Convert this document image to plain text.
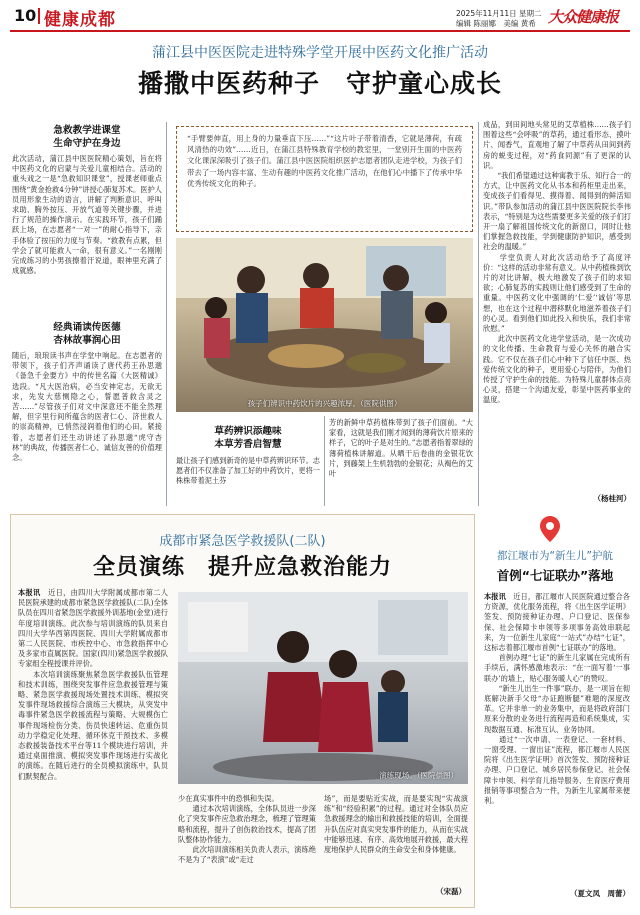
10 健康成都	2025年11月11日 星期二
编辑 陈丽娜　美编 黄希 大众健康报
蒲江县中医医院走进特殊学堂开展中医药文化推广活动
播撒中医药种子　守护童心成长
急救教学进课堂
生命守护在身边
此次活动，蒲江县中医医院精心策划，旨在将中医药文化的启蒙与关爱儿童相结合。活动的重头戏之一是“急救知识课堂”，授课老师重点围绕“黄金抢救4分钟”讲授心肺复苏术。医护人员用形象生动的语言，讲解了判断意识、呼叫求助、胸外按压、开放气道等关键步骤，并进行了规范的操作演示。在实践环节，孩子们踊跃上场，在志愿者“一对一”的耐心指导下，亲手体验了按压的力度与节奏。“救教有点累，但学会了就可能救人一命，很有意义。”一名刚刚完成练习的小男孩擦着汗说道，眼神里充满了成就感。
经典诵读传医德
杏林故事润心田
随后，琅琅读书声在学堂中响起。在志愿者的带领下，孩子们齐声诵读了唐代药王孙思邈《备急千金要方》中的传世名篇《大医精诚》选段。“凡大医治病，必当安神定志，无欲无求，先发大慈恻隐之心，誓愿普救含灵之苦……”尽管孩子们对文中深意还不能全然理解，但字里行间所蕴含的医者仁心、济世救人的崇高精神，已悄然浸润着他们的心田。紧接着，志愿者们还生动讲述了孙思邈“虎守杏林”的典故，传播医者仁心、诚信友善的价值理念。
“手臂要伸直，用上身的力量垂直下压……”“这片叶子带着清香，它就是薄荷，有疏风清热的功效”……近日，在蒲江县特殊教育学校的教室里，一堂别开生面的中医药文化课深深吸引了孩子们。蒲江县中医医院组织医护志愿者团队走进学校，为孩子们带去了一场内容丰富、生动有趣的中医药文化推广活动，在他们心中播下了传承中华优秀传统文化的种子。
孩子们辨识中药饮片的兴趣浓厚。（医院供图）
草药辨识添趣味
本草芳香启智慧
最让孩子们感到新奇的是中草药辨识环节。志愿者们不仅准备了加工好的中药饮片，更将一株株带着泥土芬
芳的新鲜中草药植株带到了孩子们面前。“大家看，这就是我们刚才闻到的薄荷饮片原来的样子，它的叶子是对生的。”志愿者指着翠绿的薄荷植株讲解道。从晒干后卷曲的金银花饮片，到藤架上生机勃勃的金银花；从褐色的艾叶
成品，到田间地头常见的艾草植株……孩子们围着这些“会呼吸”的草药，通过看形态、摸叶片、闻香气，直观地了解了中草药从田间到药房的蜕变过程，对“药食同源”有了更深的认识。
　　“我们希望通过这种寓教于乐、知行合一的方式，让中医药文化从书本和药柜里走出来，变成孩子们看得见、摸得着、闻得到的鲜活知识。”带队参加活动的蒲江县中医医院院长李伟表示，“特别是为这些需要更多关爱的孩子们打开一扇了解祖国传统文化的新窗口，同时让他们掌握急救技能，学到健康防护知识，感受到社会的温暖。”
　　学堂负责人对此次活动给予了高度评价：“这样的活动非常有意义。从中药植株到饮片的对比讲解，极大地激发了孩子们的求知欲；心肺复苏的实践则让他们感受到了生命的重量。中医药文化中强调的‘仁爱’‘诚信’等思想，也在这个过程中潜移默化地滋养着孩子们的心灵。看到他们如此投入和快乐，我们非常欣慰。”
　　此次中医药文化进学堂活动，是一次成功的文化传播、生命教育与爱心关怀的融合实践。它不仅在孩子们心中种下了信任中医、热爱传统文化的种子，更用爱心与陪伴，为他们传授了守护生命的技能。为特殊儿童群体点亮心灵，搭建一个沟通友爱，彰显中医药事业的温度。
（杨桂河）
成都市紧急医学救援队(二队)
全员演练　提升应急救治能力
本报讯　 近日，由四川大学附属成都市第二人民医院承建的成都市紧急医学救援队(二队)全体队员在四川省紧急医学救援外训基地(金堂)进行年度培训演练。此次参与培训演练的队员来自四川大学华西第四医院、四川大学附属成都市第二人民医院、市疾控中心、市急救指挥中心及多家市直属医院。国家(四川)紧急医学救援队专家组全程授课并评价。
　　本次培训演练聚焦紧急医学救援队伍管理和技术训练，围绕突发事件应急救援管理与策略、紧急医学救援现场处置技术训练、模拟突发事件现场救援综合演练三大模块，从突发中毒事件紧急医学救援流程与策略、大规模伤亡事件现场检伤分类、伤员快速转运、危重伤员动力学稳定化处理、循环休克干预技术、多模态救援装备技术平台等11个模块进行培训，并通过桌面推演、模拟突发事件现场进行实战化的演练。在随后进行的全员模拟演练中，队员们默契配合。	演练现场。（医院供图）
少在真实事件中的恐惧和失误。
　　通过本次培训演练，全体队员进一步深化了突发事件应急救治理念，梳理了管理策略和流程，提升了创伤救治技术，提高了团队整体协作能力。
　　此次培训演练相关负责人表示，演练绝不是为了“表演”或“走过
场”，而是要贴近实战，而是要实现“实战演练”和“经验积累”的过程。通过对全体队员应急救援理念的输出和救援技能的培训，全面提升队伍应对真实突发事件的能力，从而在实战中能够迅速、有序、高效地展开救援，最大程度地保护人民群众的生命安全和身体健康。
（宋磊）
都江堰市为“新生儿”护航
首例“七证联办”落地
本报讯　 近日，都江堰市人民医院通过整合各方资源，优化服务流程，将《出生医学证明》签发、预防接种证办理、户口登记、医保参保、社会保障卡申领等多项事务高效串联起来，为一位新生儿家庭“一站式”办结“七证”，这标志着都江堰市首例“七证联办”的落地。
　　首例办理“七证”的新生儿家属在完成所有手续后，满怀感激地表示：“在一面写着‘一事联办’的墙上，贴心服务暖人心”的赞叹。
　　“新生儿出生一件事”联办，是一项旨在彻底解决新手父母“办证跑断腿”难题的深度改革。它并非单一的业务集中，而是将政府部门原来分散的业务进行流程再造和系统集成，实现数据互通、标准互认、业务协同。
　　通过“一次申请、一表登记、一套材料、一窗受理、一窗出证”流程，都江堰市人民医院将《出生医学证明》首次签发、预防接种证办理、户口登记、城乡居民参保登记、社会保障卡申领、科学育儿指导服务、生育医疗费用报销等事项整合为一件，为新生儿家属带来便利。
（夏文凤　周蕾）
